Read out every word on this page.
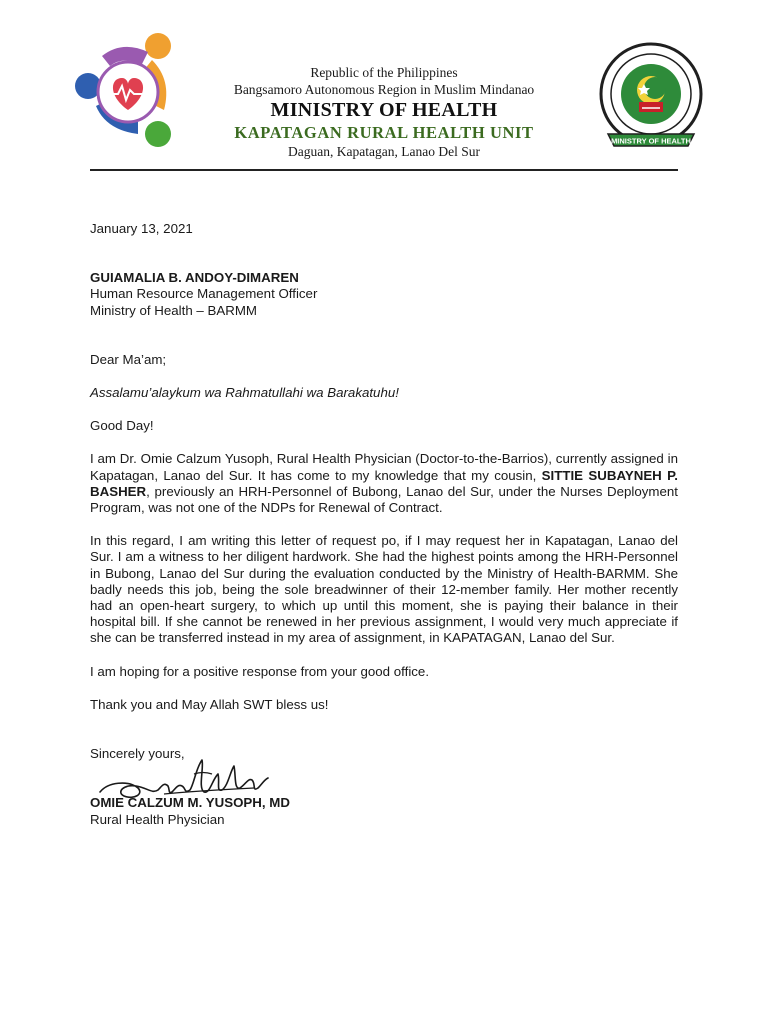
Republic of the Philippines
Bangsamoro Autonomous Region in Muslim Mindanao
MINISTRY OF HEALTH
KAPATAGAN RURAL HEALTH UNIT
Daguan, Kapatagan, Lanao Del Sur
MINISTRY OF HEALTH
January 13, 2021
GUIAMALIA B. ANDOY-DIMAREN
Human Resource Management Officer
Ministry of Health – BARMM
Dear Ma’am;
Assalamu’alaykum wa Rahmatullahi wa Barakatuhu!
Good Day!
I am Dr. Omie Calzum Yusoph, Rural Health Physician (Doctor-to-the-Barrios), currently assigned in Kapatagan, Lanao del Sur. It has come to my knowledge that my cousin, SITTIE SUBAYNEH P. BASHER, previously an HRH-Personnel of Bubong, Lanao del Sur, under the Nurses Deployment Program, was not one of the NDPs for Renewal of Contract.
In this regard, I am writing this letter of request po, if I may request her in Kapatagan, Lanao del Sur. I am a witness to her diligent hardwork. She had the highest points among the HRH-Personnel in Bubong, Lanao del Sur during the evaluation conducted by the Ministry of Health-BARMM. She badly needs this job, being the sole breadwinner of their 12-member family. Her mother recently had an open-heart surgery, to which up until this moment, she is paying their balance in their hospital bill. If she cannot be renewed in her previous assignment, I would very much appreciate if she can be transferred instead in my area of assignment, in KAPATAGAN, Lanao del Sur.
I am hoping for a positive response from your good office.
Thank you and May Allah SWT bless us!
Sincerely yours,
OMIE CALZUM M. YUSOPH, MD
Rural Health Physician
